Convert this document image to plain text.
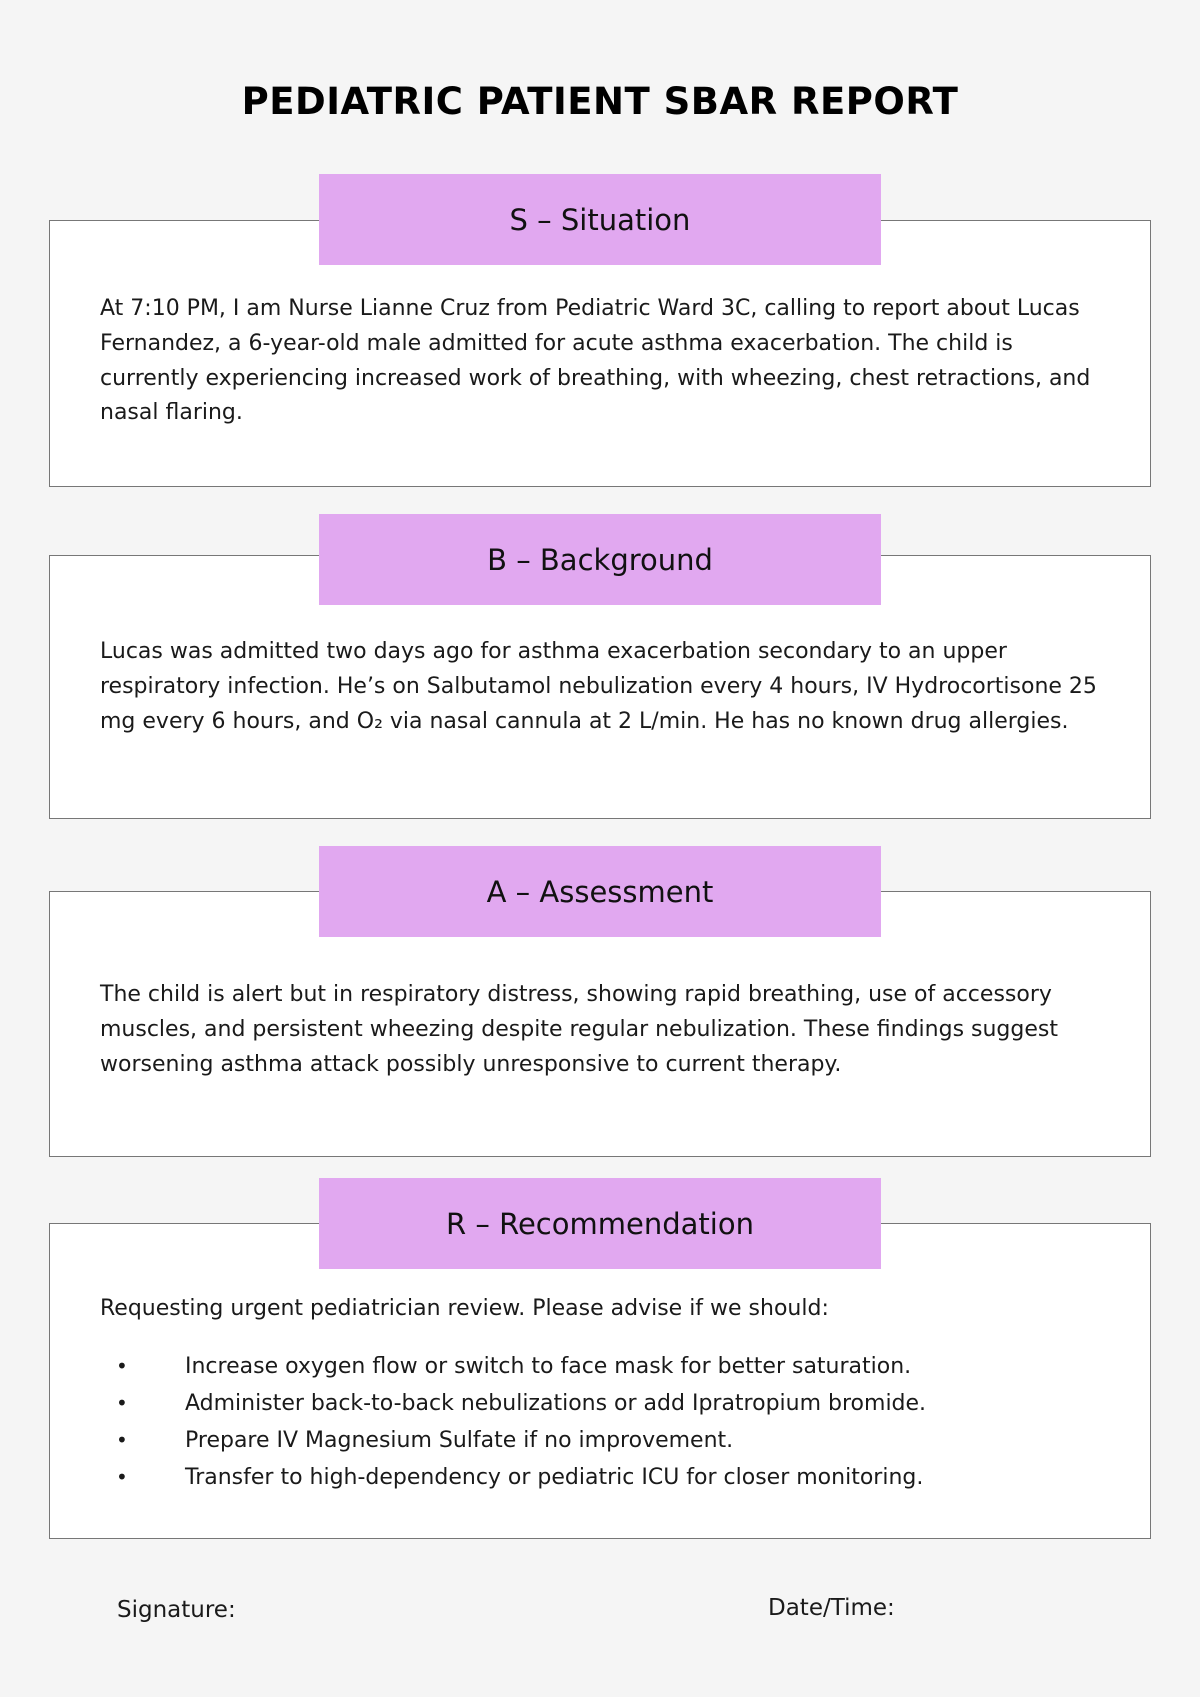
PEDIATRIC PATIENT SBAR REPORT
S – Situation

At 7:10 PM, I am Nurse Lianne Cruz from Pediatric Ward 3C, calling to report about Lucas Fernandez, a 6-year-old male admitted for acute asthma exacerbation. The child is currently experiencing increased work of breathing, with wheezing, chest retractions, and nasal flaring.

B – Background

Lucas was admitted two days ago for asthma exacerbation secondary to an upper respiratory infection. He’s on Salbutamol nebulization every 4 hours, IV Hydrocortisone 25 mg every 6 hours, and O₂ via nasal cannula at 2 L/min. He has no known drug allergies.

A – Assessment

The child is alert but in respiratory distress, showing rapid breathing, use of accessory muscles, and persistent wheezing despite regular nebulization. These findings suggest worsening asthma attack possibly unresponsive to current therapy.

R – Recommendation

Requesting urgent pediatrician review. Please advise if we should:

•	Increase oxygen flow or switch to face mask for better saturation.
•	Administer back-to-back nebulizations or add Ipratropium bromide.
•	Prepare IV Magnesium Sulfate if no improvement.
•	Transfer to high-dependency or pediatric ICU for closer monitoring.
Signature:	Date/Time:
